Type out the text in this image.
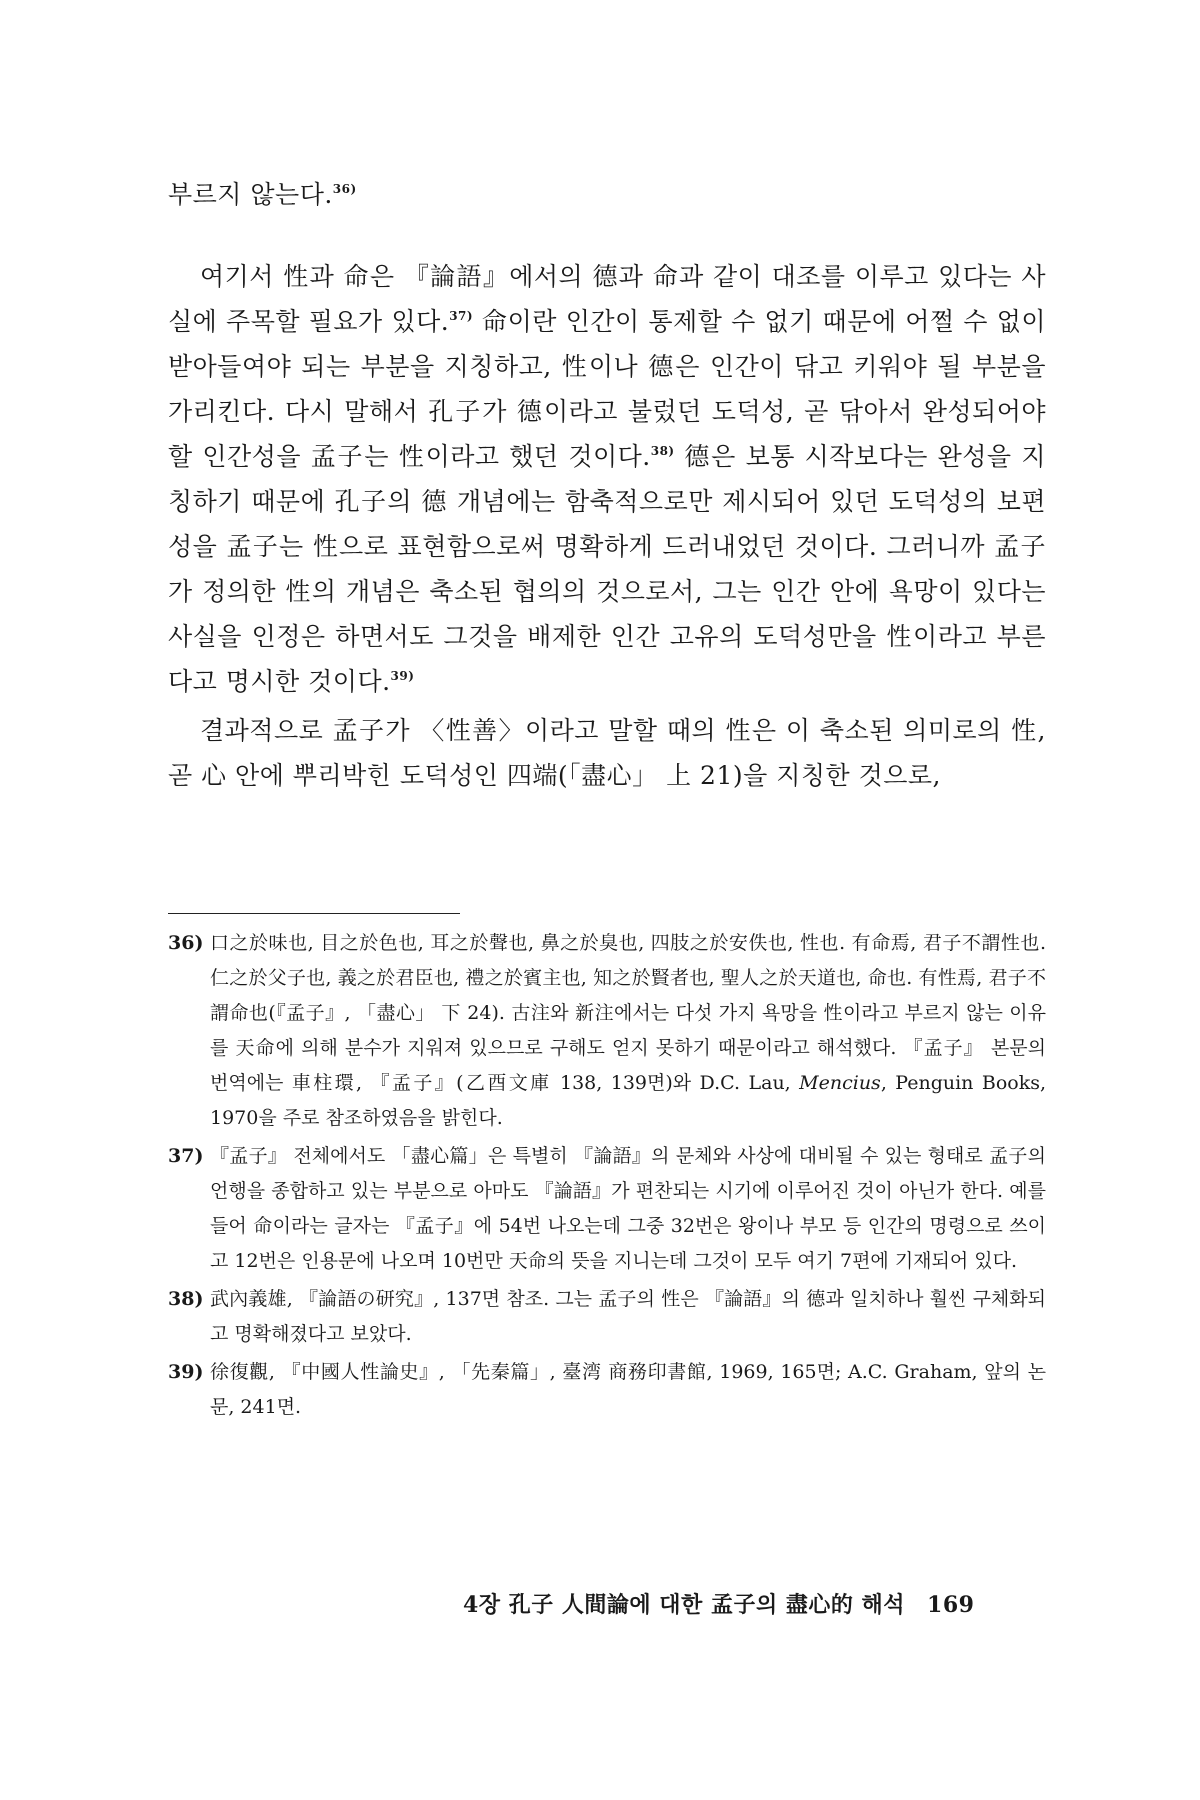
부르지 않는다.$^{36)}$

여기서 性과 命은 『論語』에서의 德과 命과 같이 대조를 이루고 있다는 사실에 주목할 필요가 있다.$^{37)}$ 命이란 인간이 통제할 수 없기 때문에 어쩔 수 없이 받아들여야 되는 부분을 지칭하고, 性이나 德은 인간이 닦고 키워야 될 부분을 가리킨다. 다시 말해서 孔子가 德이라고 불렀던 도덕성, 곧 닦아서 완성되어야 할 인간성을 孟子는 性이라고 했던 것이다.$^{38)}$ 德은 보통 시작보다는 완성을 지칭하기 때문에 孔子의 德 개념에는 함축적으로만 제시되어 있던 도덕성의 보편성을 孟子는 性으로 표현함으로써 명확하게 드러내었던 것이다. 그러니까 孟子가 정의한 性의 개념은 축소된 협의의 것으로서, 그는 인간 안에 욕망이 있다는 사실을 인정은 하면서도 그것을 배제한 인간 고유의 도덕성만을 性이라고 부른다고 명시한 것이다.$^{39)}$

결과적으로 孟子가 〈性善〉이라고 말할 때의 性은 이 축소된 의미로의 性, 곧 心 안에 뿌리박힌 도덕성인 四端(「盡心」 上 21)을 지칭한 것으로,

36) 口之於味也, 目之於色也, 耳之於聲也, 鼻之於臭也, 四肢之於安佚也, 性也. 有命焉, 君子不謂性也. 仁之於父子也, 義之於君臣也, 禮之於賓主也, 知之於賢者也, 聖人之於天道也, 命也. 有性焉, 君子不謂命也(『孟子』, 「盡心」 下 24). 古注와 新注에서는 다섯 가지 욕망을 性이라고 부르지 않는 이유를 天命에 의해 분수가 지워져 있으므로 구해도 얻지 못하기 때문이라고 해석했다. 『孟子』 본문의 번역에는 車柱環, 『孟子』(乙酉文庫 138, 139면)와 D.C. Lau, Mencius, Penguin Books, 1970을 주로 참조하였음을 밝힌다.
37) 『孟子』 전체에서도 「盡心篇」은 특별히 『論語』의 문체와 사상에 대비될 수 있는 형태로 孟子의 언행을 종합하고 있는 부분으로 아마도 『論語』가 편찬되는 시기에 이루어진 것이 아닌가 한다. 예를 들어 命이라는 글자는 『孟子』에 54번 나오는데 그중 32번은 왕이나 부모 등 인간의 명령으로 쓰이고 12번은 인용문에 나오며 10번만 天命의 뜻을 지니는데 그것이 모두 여기 7편에 기재되어 있다.
38) 武內義雄, 『論語の研究』, 137면 참조. 그는 孟子의 性은 『論語』의 德과 일치하나 훨씬 구체화되고 명확해졌다고 보았다.
39) 徐復觀, 『中國人性論史』, 「先秦篇」, 臺湾 商務印書館, 1969, 165면; A.C. Graham, 앞의 논문, 241면.
4장 孔子 人間論에 대한 孟子의 盡心的 해석 169
